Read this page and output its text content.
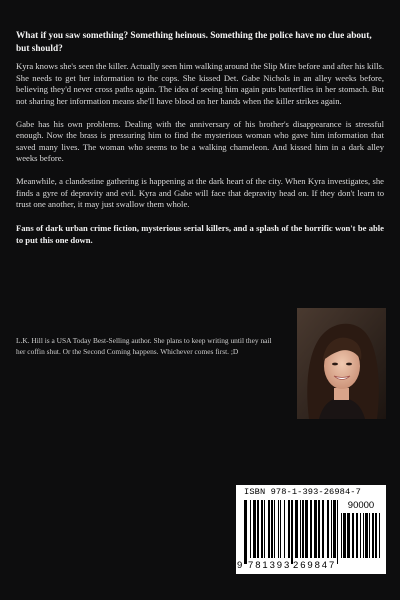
What if you saw something? Something heinous. Something the police have no clue about, but should?

Kyra knows she's seen the killer. Actually seen him walking around the Slip Mire before and after his kills. She needs to get her information to the cops. She kissed Det. Gabe Nichols in an alley weeks before, believing they'd never cross paths again. The idea of seeing him again puts butterflies in her stomach. But not sharing her information means she'll have blood on her hands when the killer strikes again.

Gabe has his own problems. Dealing with the anniversary of his brother's disappearance is stressful enough. Now the brass is pressuring him to find the mysterious woman who gave him information that saved many lives. The woman who seems to be a walking chameleon. And kissed him in a dark alley weeks before.

Meanwhile, a clandestine gathering is happening at the dark heart of the city. When Kyra investigates, she finds a gyre of depravity and evil. Kyra and Gabe will face that depravity head on. If they don't learn to trust one another, it may just swallow them whole.

Fans of dark urban crime fiction, mysterious serial killers, and a splash of the horrific won't be able to put this one down.

L.K. Hill is a USA Today Best-Selling author. She plans to keep writing until they nail her coffin shut. Or the Second Coming happens. Whichever comes first. ;D

ISBN 978-1-393-26984-7
90000
9 7 8 1 3 9 3 2 6 9 8 4 7
